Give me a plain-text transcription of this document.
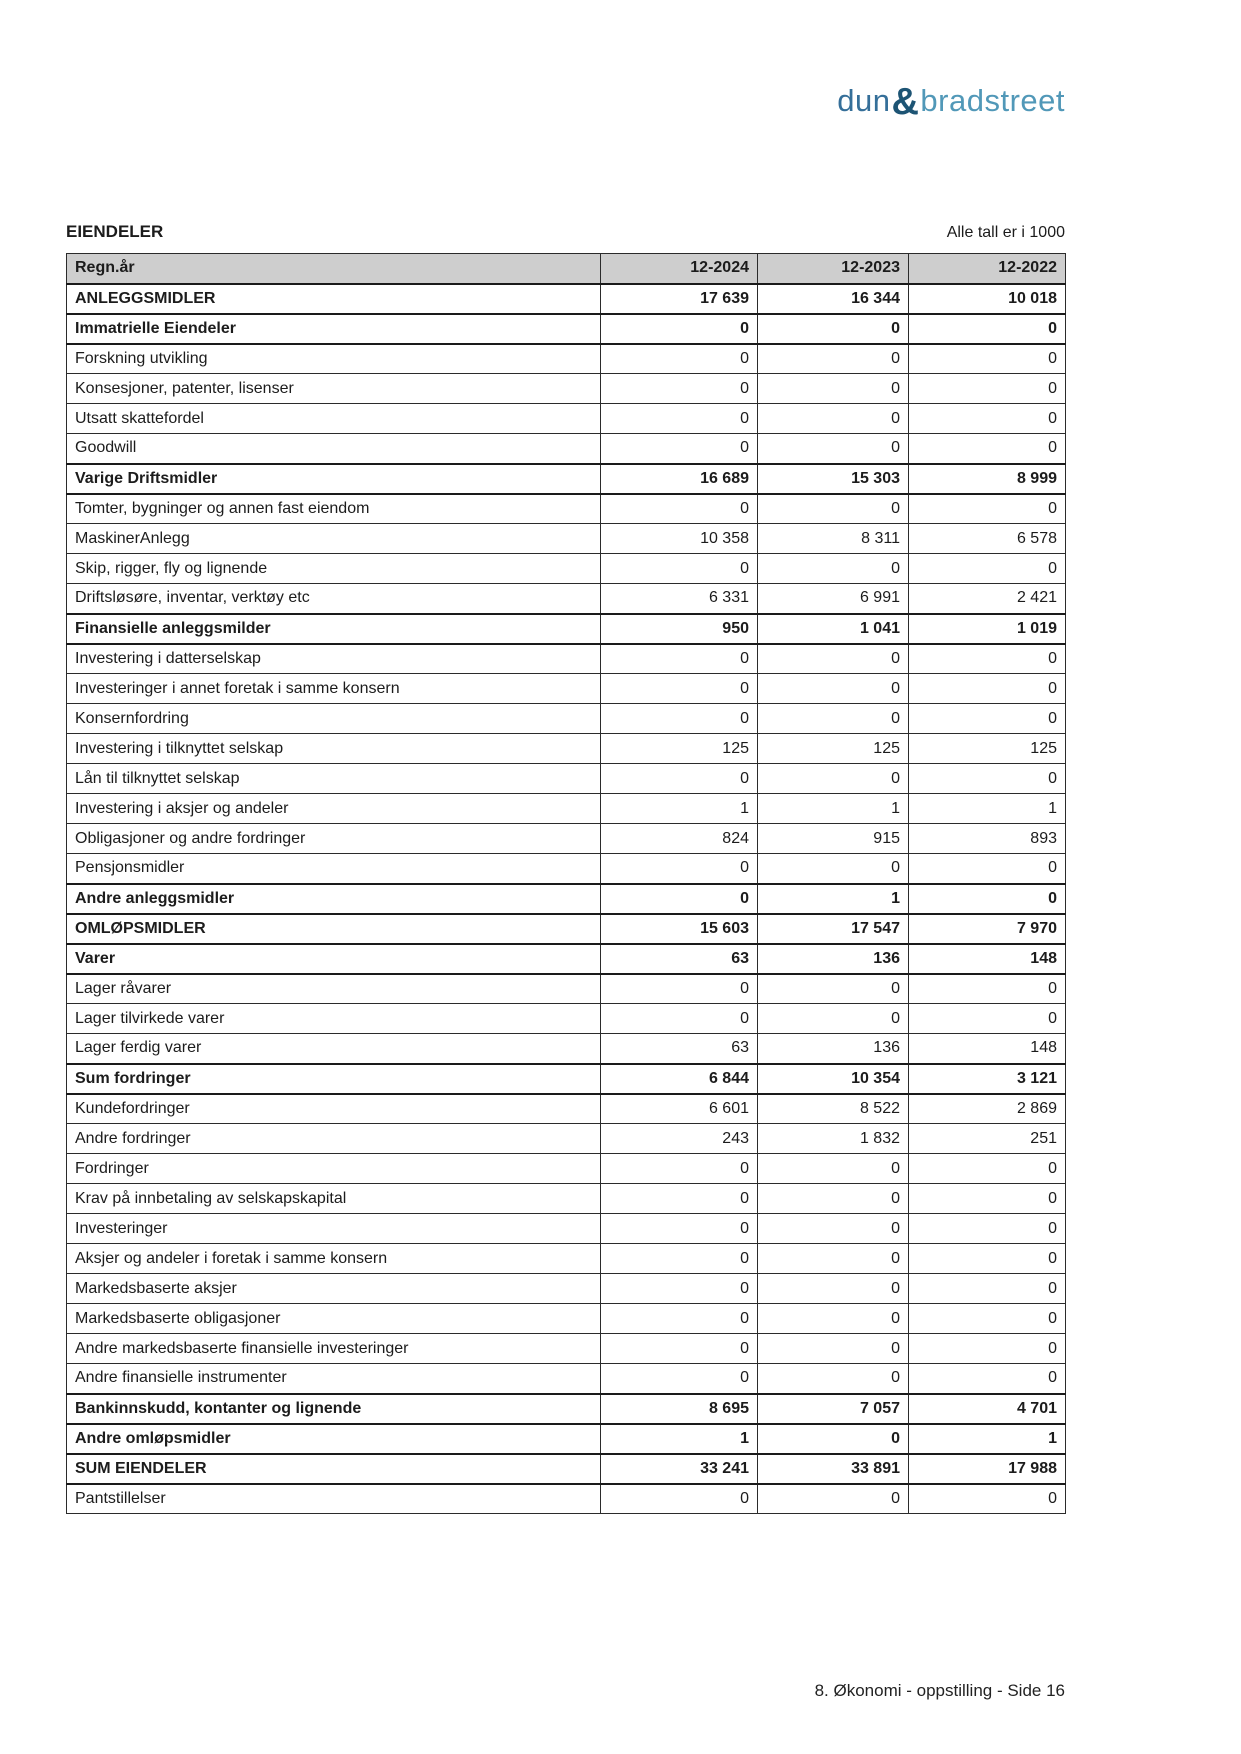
dun&bradstreet
EIENDELER	Alle tall er i 1000
Regn.år	12-2024	12-2023	12-2022
ANLEGGSMIDLER	17 639	16 344	10 018
Immatrielle Eiendeler	0	0	0
Forskning utvikling	0	0	0
Konsesjoner, patenter, lisenser	0	0	0
Utsatt skattefordel	0	0	0
Goodwill	0	0	0
Varige Driftsmidler	16 689	15 303	8 999
Tomter, bygninger og annen fast eiendom	0	0	0
MaskinerAnlegg	10 358	8 311	6 578
Skip, rigger, fly og lignende	0	0	0
Driftsløsøre, inventar, verktøy etc	6 331	6 991	2 421
Finansielle anleggsmilder	950	1 041	1 019
Investering i datterselskap	0	0	0
Investeringer i annet foretak i samme konsern	0	0	0
Konsernfordring	0	0	0
Investering i tilknyttet selskap	125	125	125
Lån til tilknyttet selskap	0	0	0
Investering i aksjer og andeler	1	1	1
Obligasjoner og andre fordringer	824	915	893
Pensjonsmidler	0	0	0
Andre anleggsmidler	0	1	0
OMLØPSMIDLER	15 603	17 547	7 970
Varer	63	136	148
Lager råvarer	0	0	0
Lager tilvirkede varer	0	0	0
Lager ferdig varer	63	136	148
Sum fordringer	6 844	10 354	3 121
Kundefordringer	6 601	8 522	2 869
Andre fordringer	243	1 832	251
Fordringer	0	0	0
Krav på innbetaling av selskapskapital	0	0	0
Investeringer	0	0	0
Aksjer og andeler i foretak i samme konsern	0	0	0
Markedsbaserte aksjer	0	0	0
Markedsbaserte obligasjoner	0	0	0
Andre markedsbaserte finansielle investeringer	0	0	0
Andre finansielle instrumenter	0	0	0
Bankinnskudd, kontanter og lignende	8 695	7 057	4 701
Andre omløpsmidler	1	0	1
SUM EIENDELER	33 241	33 891	17 988
Pantstillelser	0	0	0
8. Økonomi - oppstilling - Side 16
